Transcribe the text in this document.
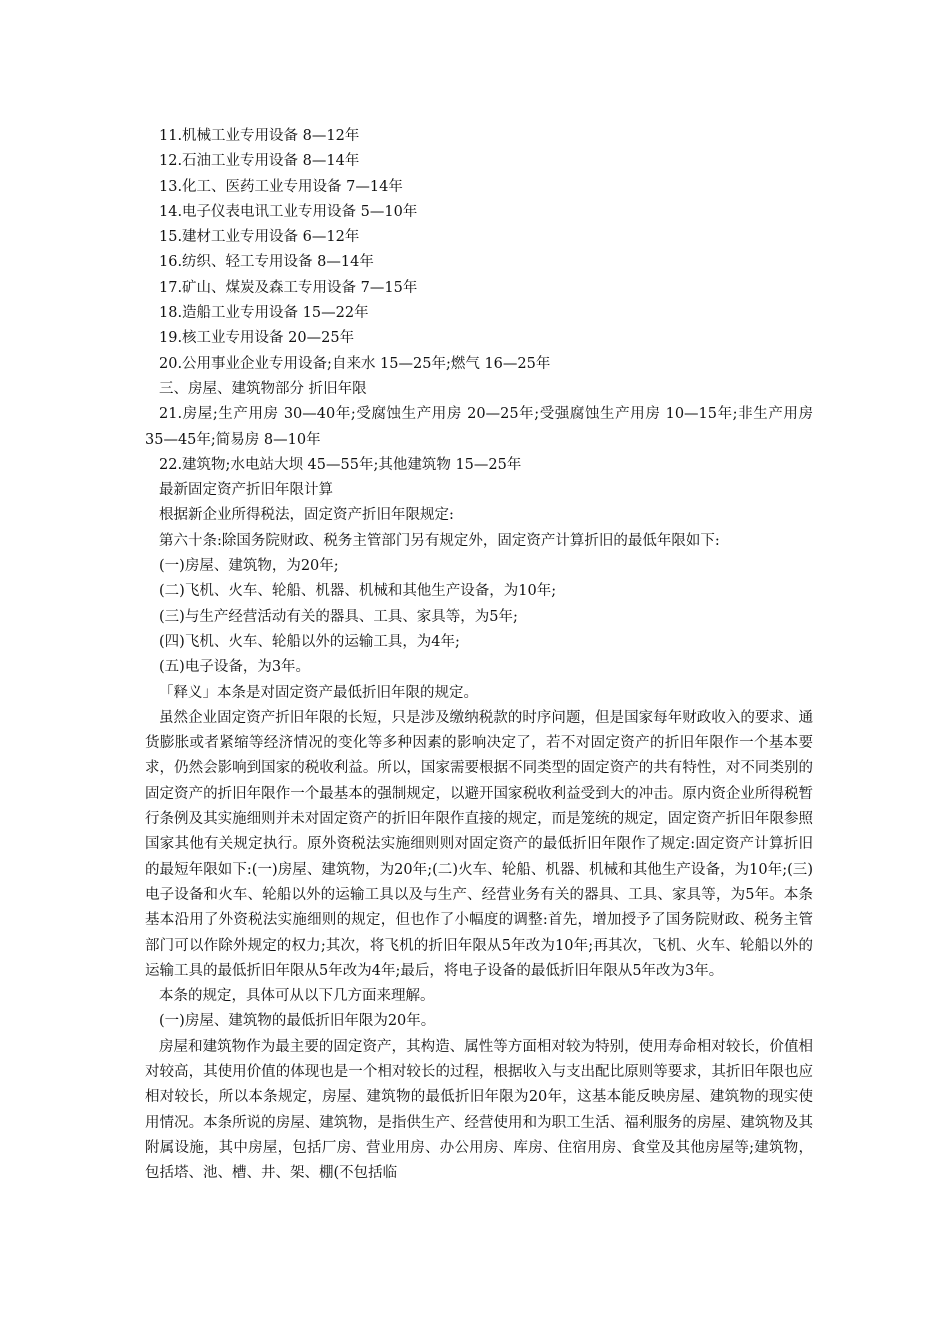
11.机械工业专用设备 8—12年
12.石油工业专用设备 8—14年
13.化工、医药工业专用设备 7—14年
14.电子仪表电讯工业专用设备 5—10年
15.建材工业专用设备 6—12年
16.纺织、轻工专用设备 8—14年
17.矿山、煤炭及森工专用设备 7—15年
18.造船工业专用设备 15—22年
19.核工业专用设备 20—25年
20.公用事业企业专用设备;自来水 15—25年;燃气 16—25年
三、房屋、建筑物部分 折旧年限
21.房屋;生产用房 30—40年;受腐蚀生产用房 20—25年;受强腐蚀生产用房 10—15年;非生产用房 35—45年;简易房 8—10年
22.建筑物;水电站大坝 45—55年;其他建筑物 15—25年
最新固定资产折旧年限计算
根据新企业所得税法，固定资产折旧年限规定:
第六十条:除国务院财政、税务主管部门另有规定外，固定资产计算折旧的最低年限如下:
(一)房屋、建筑物，为20年;
(二)飞机、火车、轮船、机器、机械和其他生产设备，为10年;
(三)与生产经营活动有关的器具、工具、家具等，为5年;
(四)飞机、火车、轮船以外的运输工具，为4年;
(五)电子设备，为3年。
「释义」本条是对固定资产最低折旧年限的规定。
虽然企业固定资产折旧年限的长短，只是涉及缴纳税款的时序问题，但是国家每年财政收入的要求、通货膨胀或者紧缩等经济情况的变化等多种因素的影响决定了，若不对固定资产的折旧年限作一个基本要求，仍然会影响到国家的税收利益。所以，国家需要根据不同类型的固定资产的共有特性，对不同类别的固定资产的折旧年限作一个最基本的强制规定，以避开国家税收利益受到大的冲击。原内资企业所得税暂行条例及其实施细则并未对固定资产的折旧年限作直接的规定，而是笼统的规定，固定资产折旧年限参照国家其他有关规定执行。原外资税法实施细则则对固定资产的最低折旧年限作了规定:固定资产计算折旧的最短年限如下:(一)房屋、建筑物，为20年;(二)火车、轮船、机器、机械和其他生产设备，为10年;(三)电子设备和火车、轮船以外的运输工具以及与生产、经营业务有关的器具、工具、家具等，为5年。本条基本沿用了外资税法实施细则的规定，但也作了小幅度的调整:首先，增加授予了国务院财政、税务主管部门可以作除外规定的权力;其次，将飞机的折旧年限从5年改为10年;再其次，飞机、火车、轮船以外的运输工具的最低折旧年限从5年改为4年;最后，将电子设备的最低折旧年限从5年改为3年。
本条的规定，具体可从以下几方面来理解。
(一)房屋、建筑物的最低折旧年限为20年。
房屋和建筑物作为最主要的固定资产，其构造、属性等方面相对较为特别，使用寿命相对较长，价值相对较高，其使用价值的体现也是一个相对较长的过程，根据收入与支出配比原则等要求，其折旧年限也应相对较长，所以本条规定，房屋、建筑物的最低折旧年限为20年，这基本能反映房屋、建筑物的现实使用情况。本条所说的房屋、建筑物，是指供生产、经营使用和为职工生活、福利服务的房屋、建筑物及其附属设施，其中房屋，包括厂房、营业用房、办公用房、库房、住宿用房、食堂及其他房屋等;建筑物，包括塔、池、槽、井、架、棚(不包括临
